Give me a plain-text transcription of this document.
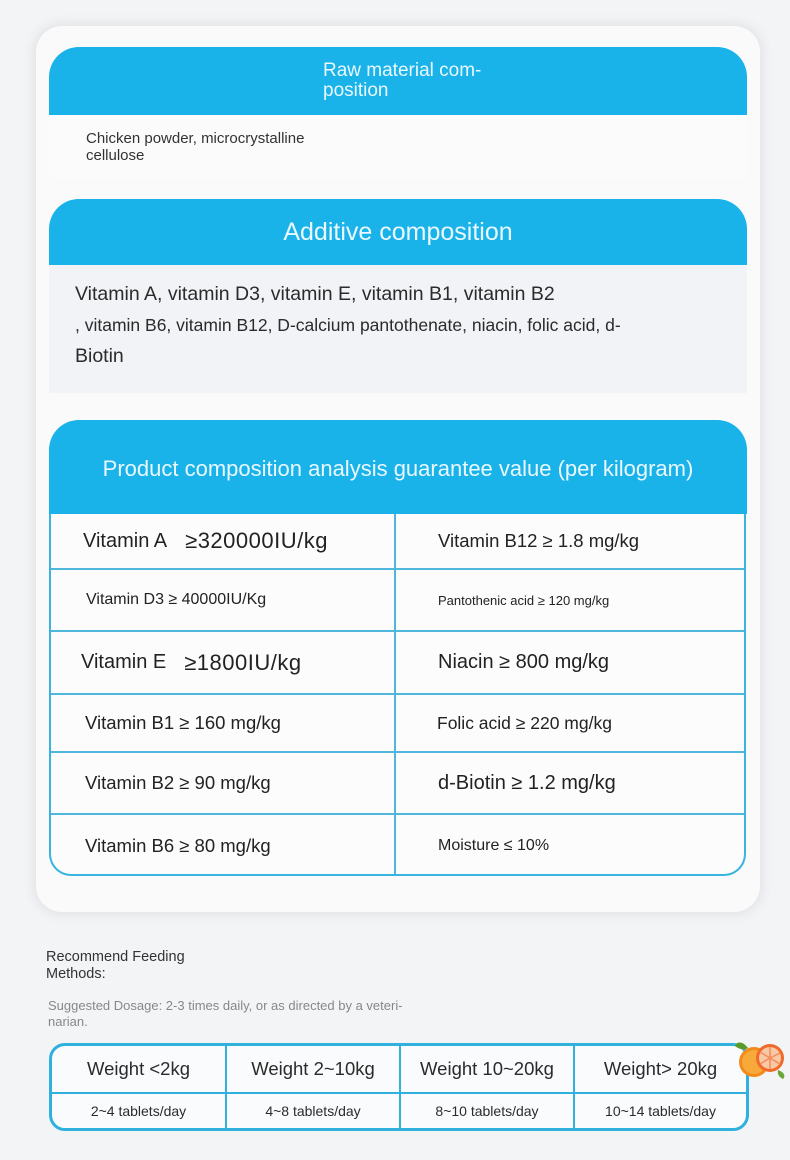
Raw material com-
position
Chicken powder, microcrystalline cellulose
Additive composition
Vitamin A, vitamin D3, vitamin E, vitamin B1, vitamin B2
, vitamin B6, vitamin B12, D-calcium pantothenate, niacin, folic acid, d-
Biotin
Product composition analysis guarantee value (per kilogram)
Vitamin A ≥320000IU/kg	Vitamin B12 ≥ 1.8 mg/kg
Vitamin D3 ≥ 40000IU/Kg	Pantothenic acid ≥ 120 mg/kg
Vitamin E ≥1800IU/kg	Niacin ≥ 800 mg/kg
Vitamin B1 ≥ 160 mg/kg	Folic acid ≥ 220 mg/kg
Vitamin B2 ≥ 90 mg/kg	d-Biotin ≥ 1.2 mg/kg
Vitamin B6 ≥ 80 mg/kg	Moisture ≤ 10%
Recommend Feeding
Methods:
Suggested Dosage: 2-3 times daily, or as directed by a veteri-
narian.
Weight <2kg	Weight 2~10kg	Weight 10~20kg	Weight> 20kg
2~4 tablets/day	4~8 tablets/day	8~10 tablets/day	10~14 tablets/day
